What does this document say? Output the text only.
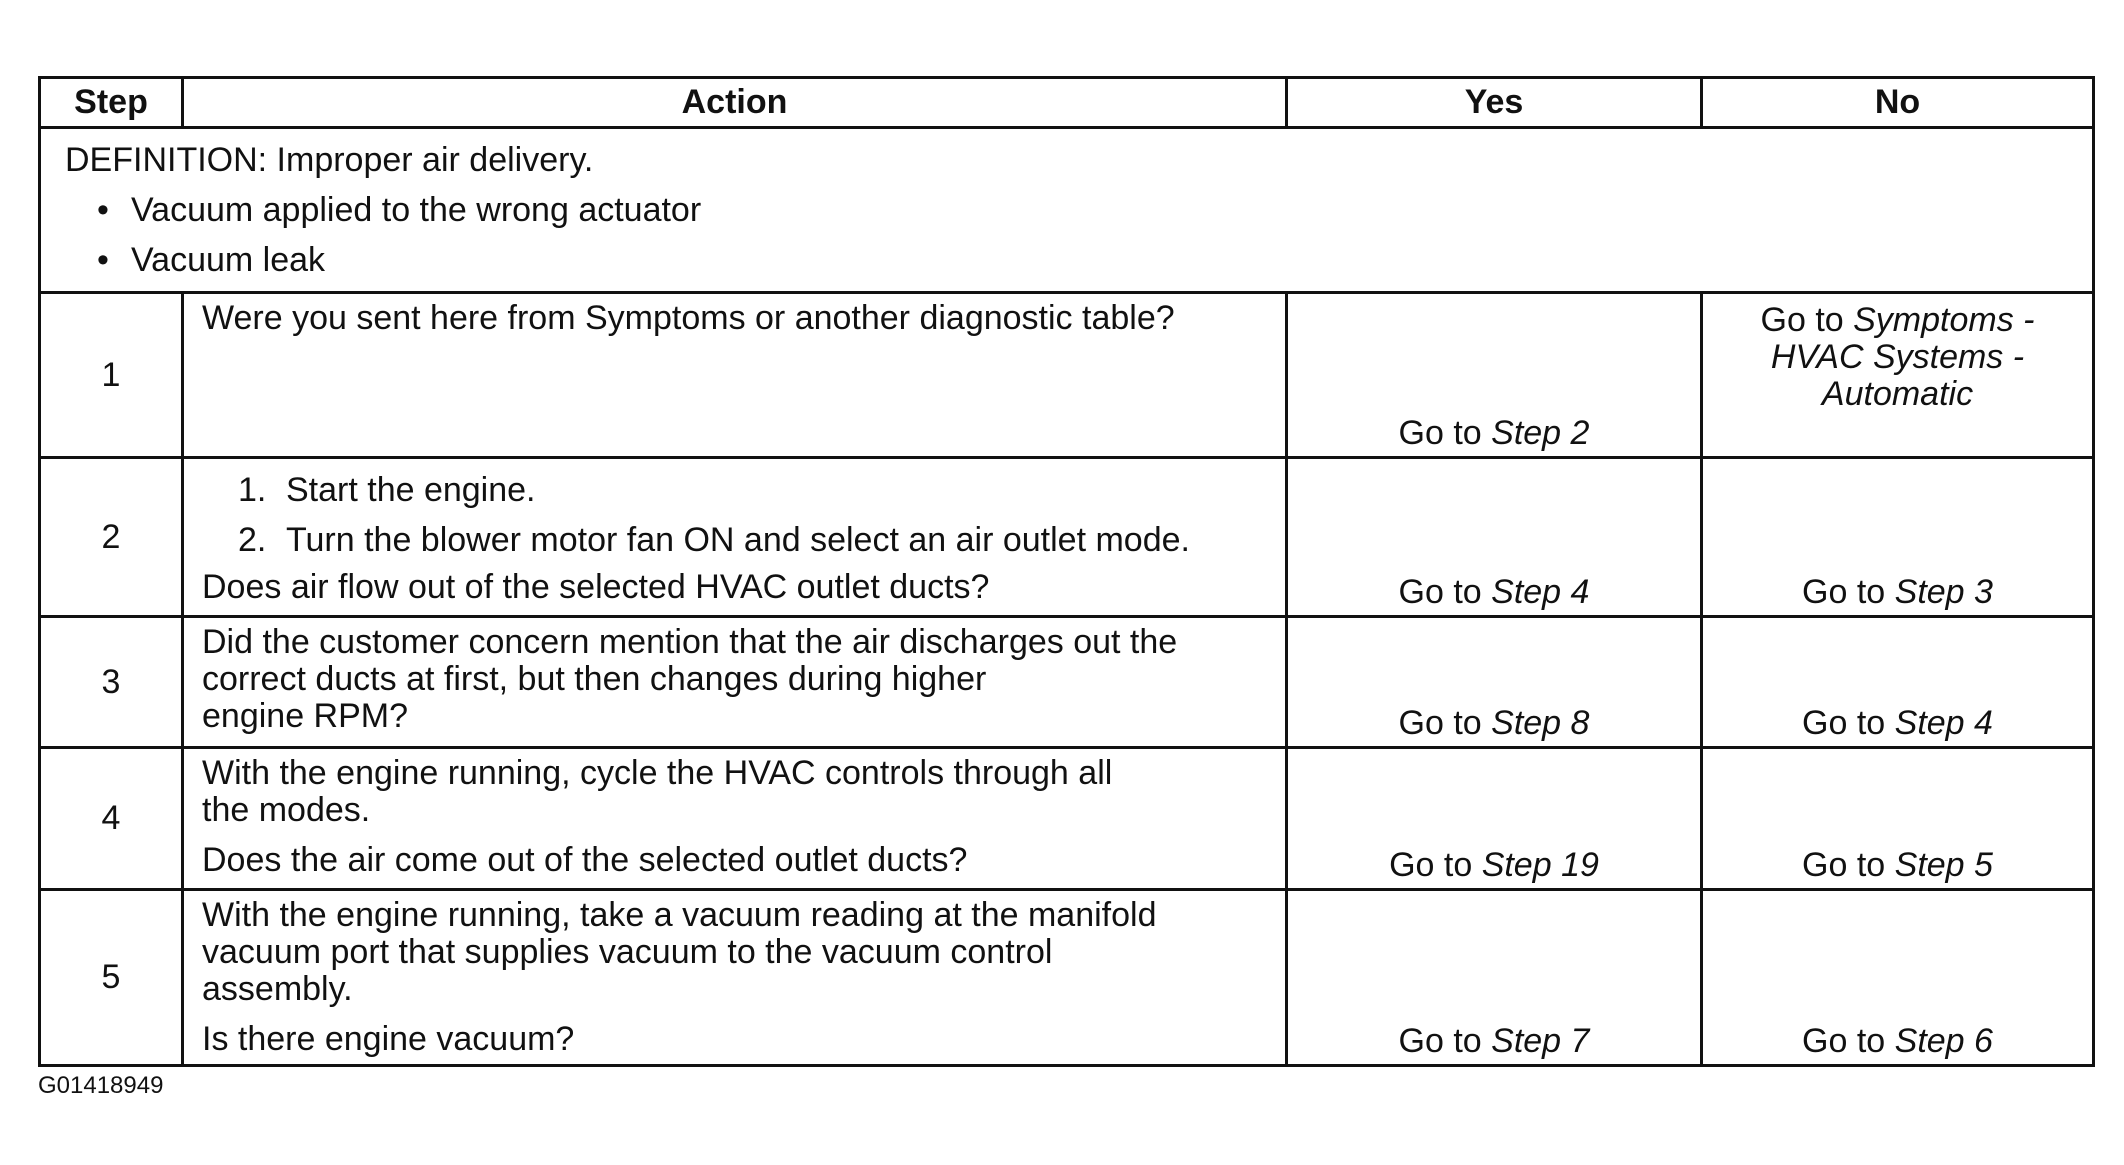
Step	Action	Yes	No

DEFINITION: Improper air delivery.
• Vacuum applied to the wrong actuator
• Vacuum leak			

1	Were you sent here from Symptoms or another diagnostic table?	Go to Step 2	Go to Symptoms -
HVAC Systems -
Automatic

2	1. Start the engine.
2. Turn the blower motor fan ON and select an air outlet mode.
Does air flow out of the selected HVAC outlet ducts?	Go to Step 4	Go to Step 3
3	Did the customer concern mention that the air discharges out the
correct ducts at first, but then changes during higher
engine RPM?	Go to Step 8	Go to Step 4
4	With the engine running, cycle the HVAC controls through all
the modes.
Does the air come out of the selected outlet ducts?	Go to Step 19	Go to Step 5
5	With the engine running, take a vacuum reading at the manifold
vacuum port that supplies vacuum to the vacuum control
assembly.
Is there engine vacuum?	Go to Step 7	Go to Step 6
G01418949
